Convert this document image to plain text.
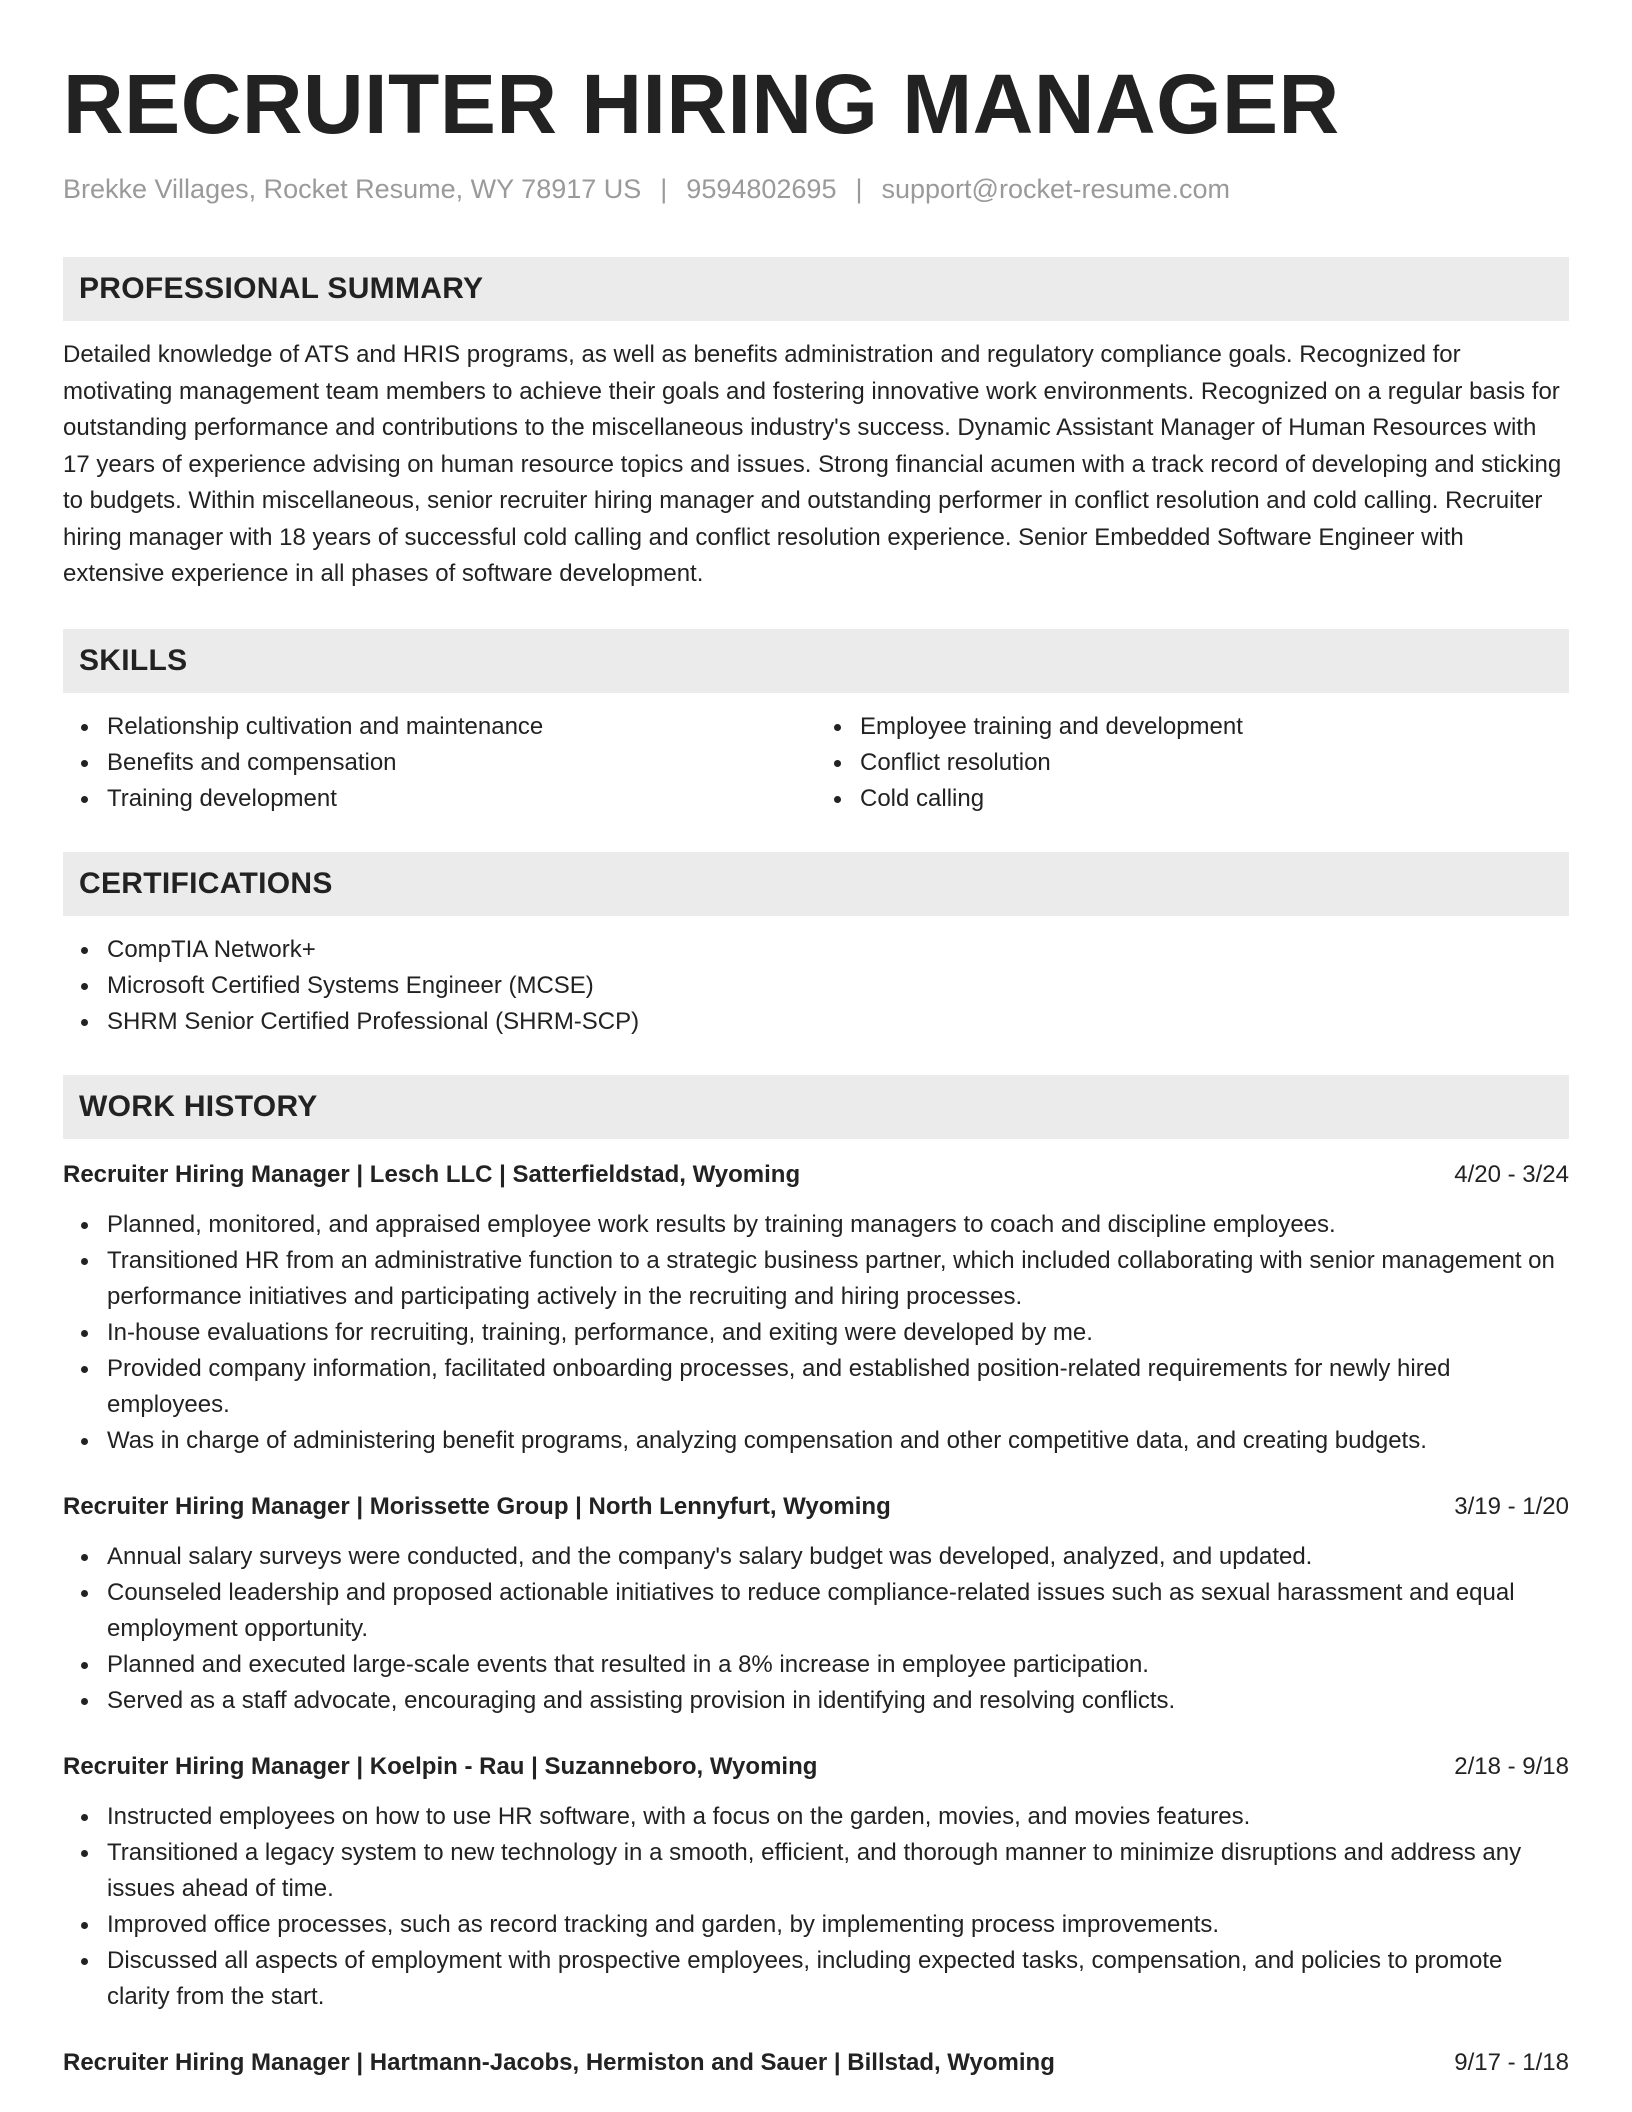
RECRUITER HIRING MANAGER
Brekke Villages, Rocket Resume, WY 78917 US | 9594802695 | support@rocket-resume.com
PROFESSIONAL SUMMARY

Detailed knowledge of ATS and HRIS programs, as well as benefits administration and regulatory compliance goals. Recognized for motivating management team members to achieve their goals and fostering innovative work environments. Recognized on a regular basis for outstanding performance and contributions to the miscellaneous industry's success. Dynamic Assistant Manager of Human Resources with 17 years of experience advising on human resource topics and issues. Strong financial acumen with a track record of developing and sticking to budgets. Within miscellaneous, senior recruiter hiring manager and outstanding performer in conflict resolution and cold calling. Recruiter hiring manager with 18 years of successful cold calling and conflict resolution experience. Senior Embedded Software Engineer with extensive experience in all phases of software development.

SKILLS
Relationship cultivation and maintenance
Benefits and compensation
Training development
Employee training and development
Conflict resolution
Cold calling
CERTIFICATIONS
CompTIA Network+
Microsoft Certified Systems Engineer (MCSE)
SHRM Senior Certified Professional (SHRM-SCP)
WORK HISTORY
Recruiter Hiring Manager | Lesch LLC | Satterfieldstad, Wyoming	4/20 - 3/24
Planned, monitored, and appraised employee work results by training managers to coach and discipline employees.
Transitioned HR from an administrative function to a strategic business partner, which included collaborating with senior management on performance initiatives and participating actively in the recruiting and hiring processes.
In-house evaluations for recruiting, training, performance, and exiting were developed by me.
Provided company information, facilitated onboarding processes, and established position-related requirements for newly hired employees.
Was in charge of administering benefit programs, analyzing compensation and other competitive data, and creating budgets.
Recruiter Hiring Manager | Morissette Group | North Lennyfurt, Wyoming	3/19 - 1/20
Annual salary surveys were conducted, and the company's salary budget was developed, analyzed, and updated.
Counseled leadership and proposed actionable initiatives to reduce compliance-related issues such as sexual harassment and equal employment opportunity.
Planned and executed large-scale events that resulted in a 8% increase in employee participation.
Served as a staff advocate, encouraging and assisting provision in identifying and resolving conflicts.
Recruiter Hiring Manager | Koelpin - Rau | Suzanneboro, Wyoming	2/18 - 9/18
Instructed employees on how to use HR software, with a focus on the garden, movies, and movies features.
Transitioned a legacy system to new technology in a smooth, efficient, and thorough manner to minimize disruptions and address any issues ahead of time.
Improved office processes, such as record tracking and garden, by implementing process improvements.
Discussed all aspects of employment with prospective employees, including expected tasks, compensation, and policies to promote clarity from the start.
Recruiter Hiring Manager | Hartmann-Jacobs, Hermiston and Sauer | Billstad, Wyoming	9/17 - 1/18
